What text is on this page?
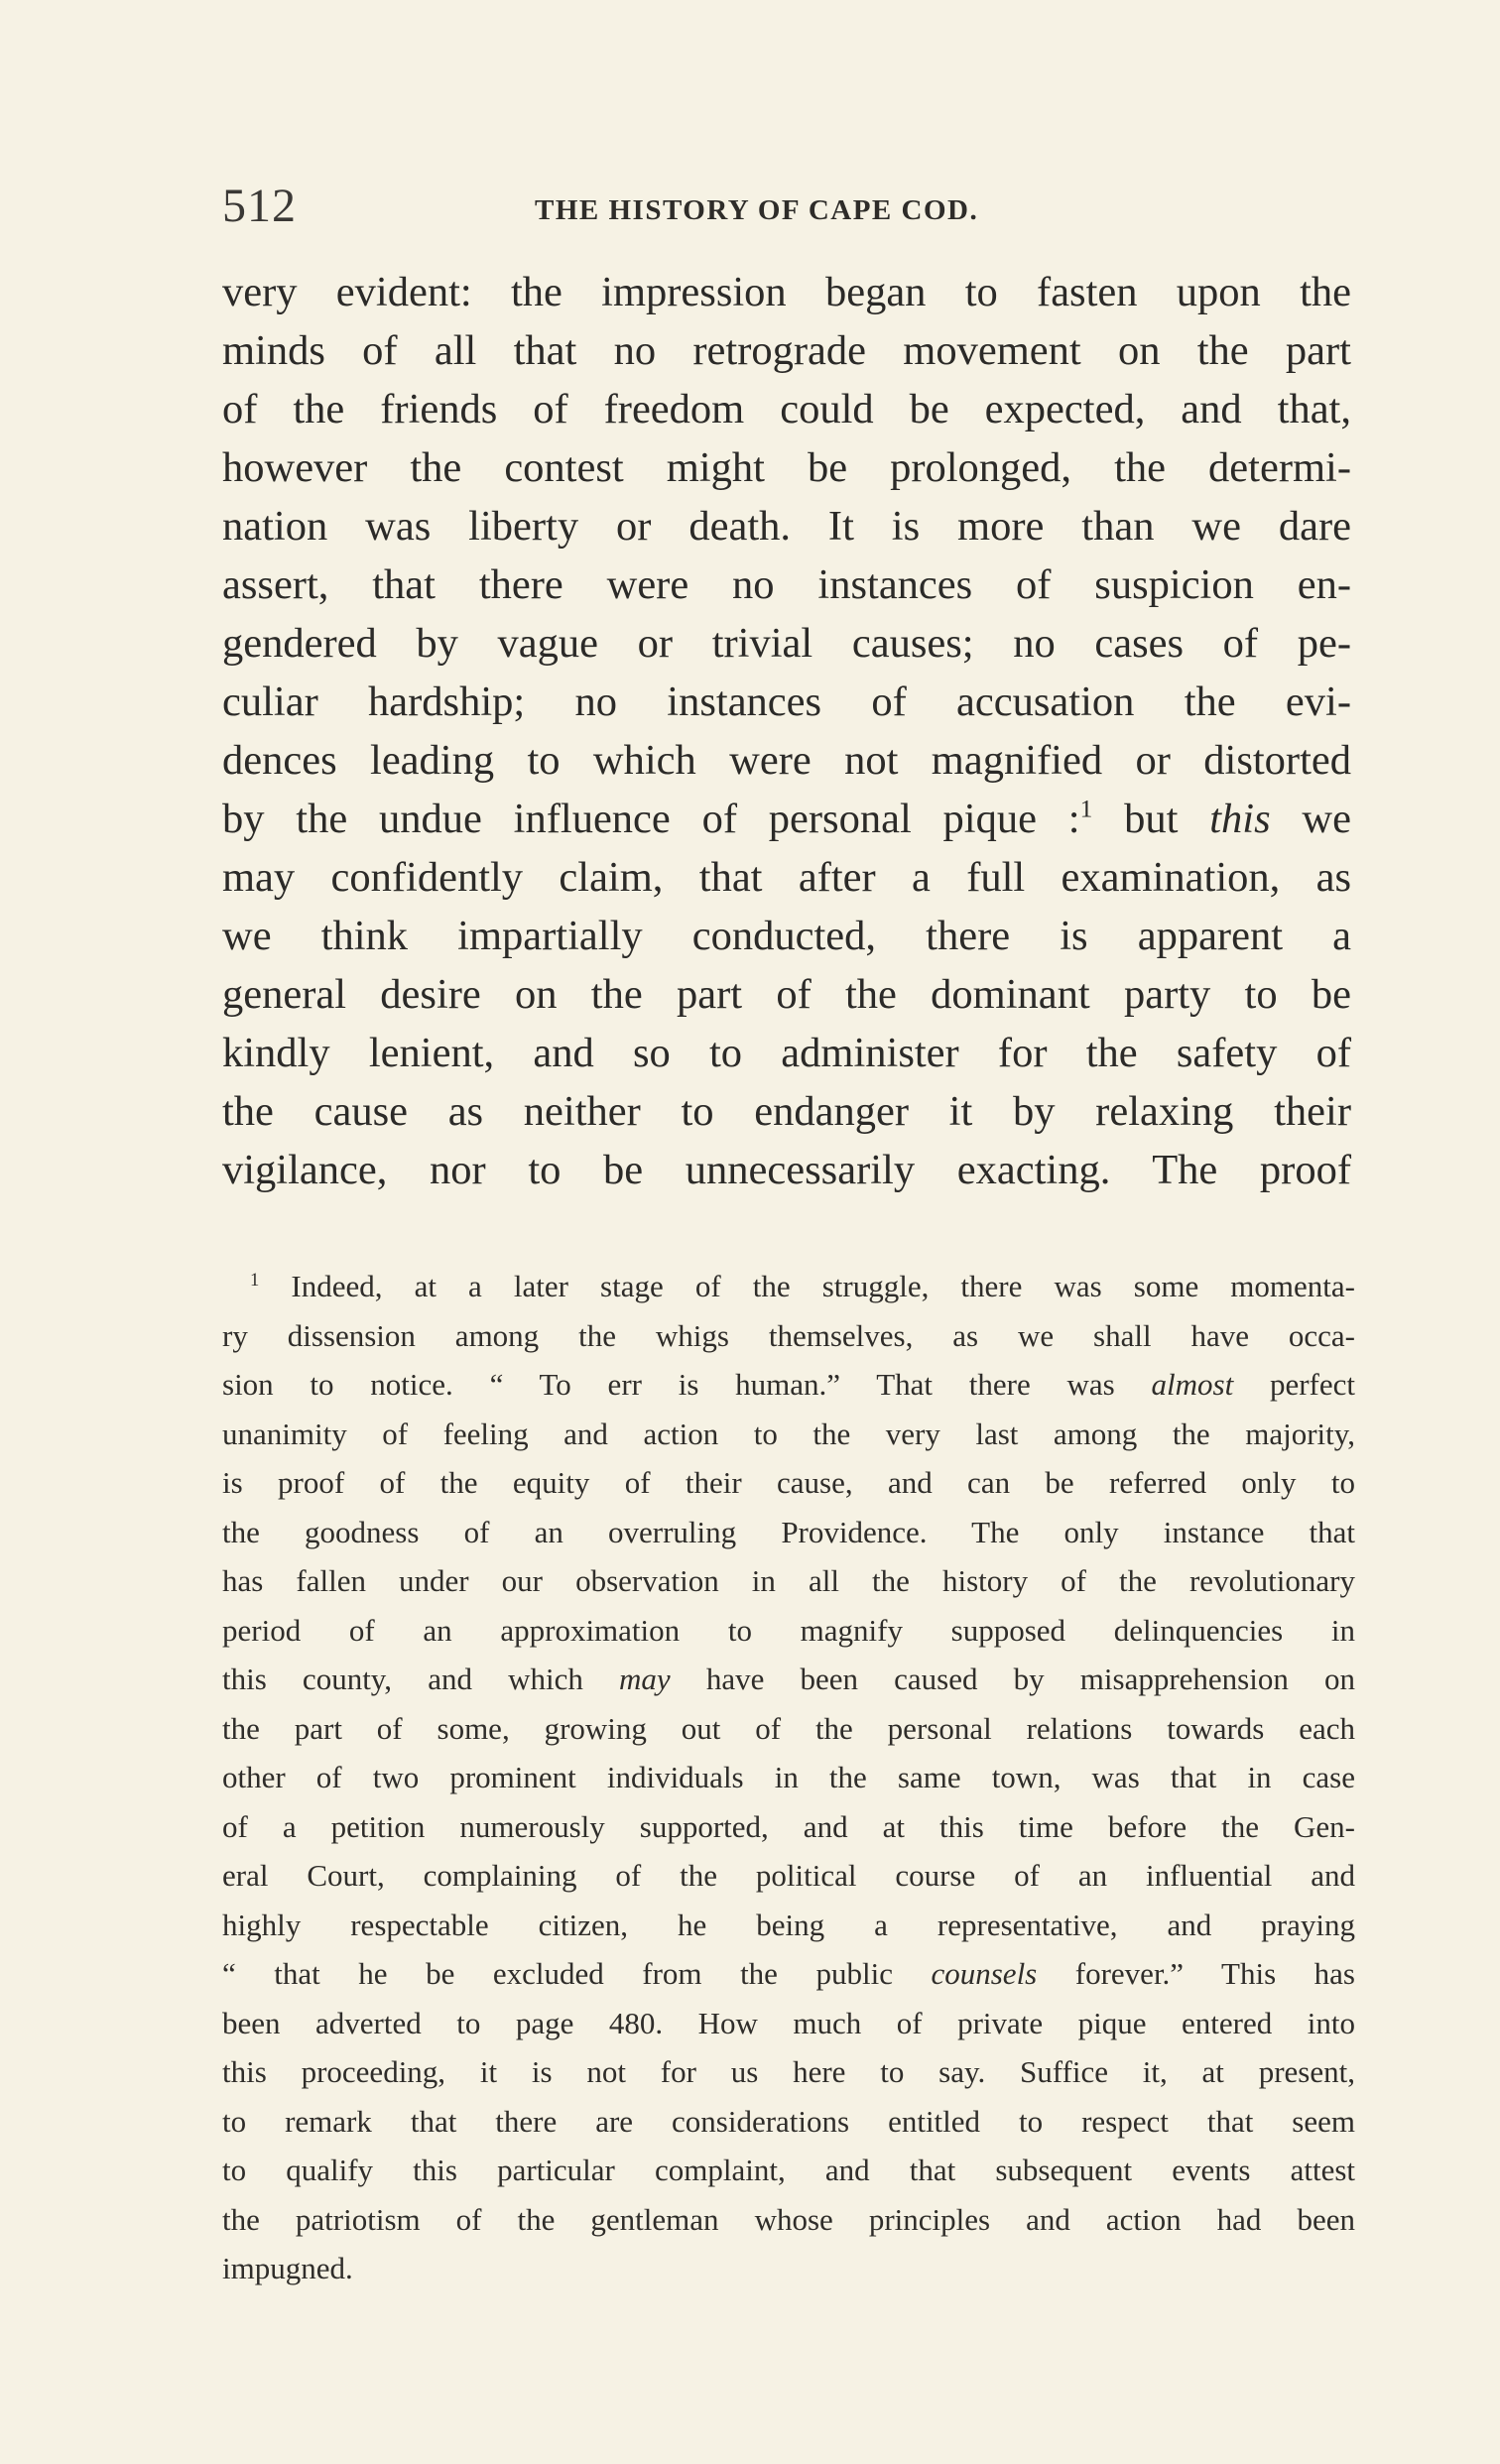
512	THE HISTORY OF CAPE COD.
very evident: the impression began to fasten upon the
minds of all that no retrograde movement on the part
of the friends of freedom could be expected, and that,
however the contest might be prolonged, the determi-
nation was liberty or death. It is more than we dare
assert, that there were no instances of suspicion en-
gendered by vague or trivial causes; no cases of pe-
culiar hardship; no instances of accusation the evi-
dences leading to which were not magnified or distorted
by the undue influence of personal pique :$^1$ but this we
may confidently claim, that after a full examination, as
we think impartially conducted, there is apparent a
general desire on the part of the dominant party to be
kindly lenient, and so to administer for the safety of
the cause as neither to endanger it by relaxing their
vigilance, nor to be unnecessarily exacting. The proof
$^1$ Indeed, at a later stage of the struggle, there was some momenta-
ry dissension among the whigs themselves, as we shall have occa-
sion to notice. “ To err is human.” That there was almost perfect
unanimity of feeling and action to the very last among the majority,
is proof of the equity of their cause, and can be referred only to
the goodness of an overruling Providence. The only instance that
has fallen under our observation in all the history of the revolutionary
period of an approximation to magnify supposed delinquencies in
this county, and which may have been caused by misapprehension on
the part of some, growing out of the personal relations towards each
other of two prominent individuals in the same town, was that in case
of a petition numerously supported, and at this time before the Gen-
eral Court, complaining of the political course of an influential and
highly respectable citizen, he being a representative, and praying
“ that he be excluded from the public counsels forever.” This has
been adverted to page 480. How much of private pique entered into
this proceeding, it is not for us here to say. Suffice it, at present,
to remark that there are considerations entitled to respect that seem
to qualify this particular complaint, and that subsequent events attest
the patriotism of the gentleman whose principles and action had been
impugned.
